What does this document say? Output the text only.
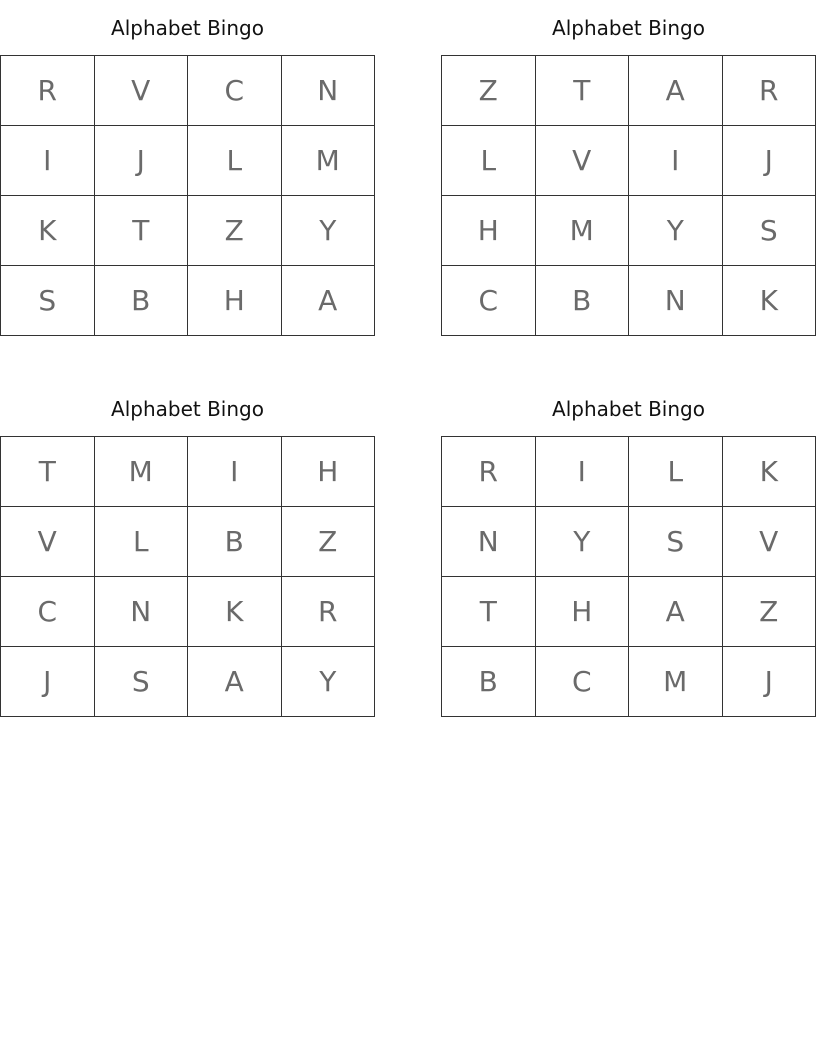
Alphabet Bingo
R	V	C	N
I	J	L	M
K	T	Z	Y
S	B	H	A
Alphabet Bingo
Z	T	A	R
L	V	I	J
H	M	Y	S
C	B	N	K
Alphabet Bingo
T	M	I	H
V	L	B	Z
C	N	K	R
J	S	A	Y
Alphabet Bingo
R	I	L	K
N	Y	S	V
T	H	A	Z
B	C	M	J
